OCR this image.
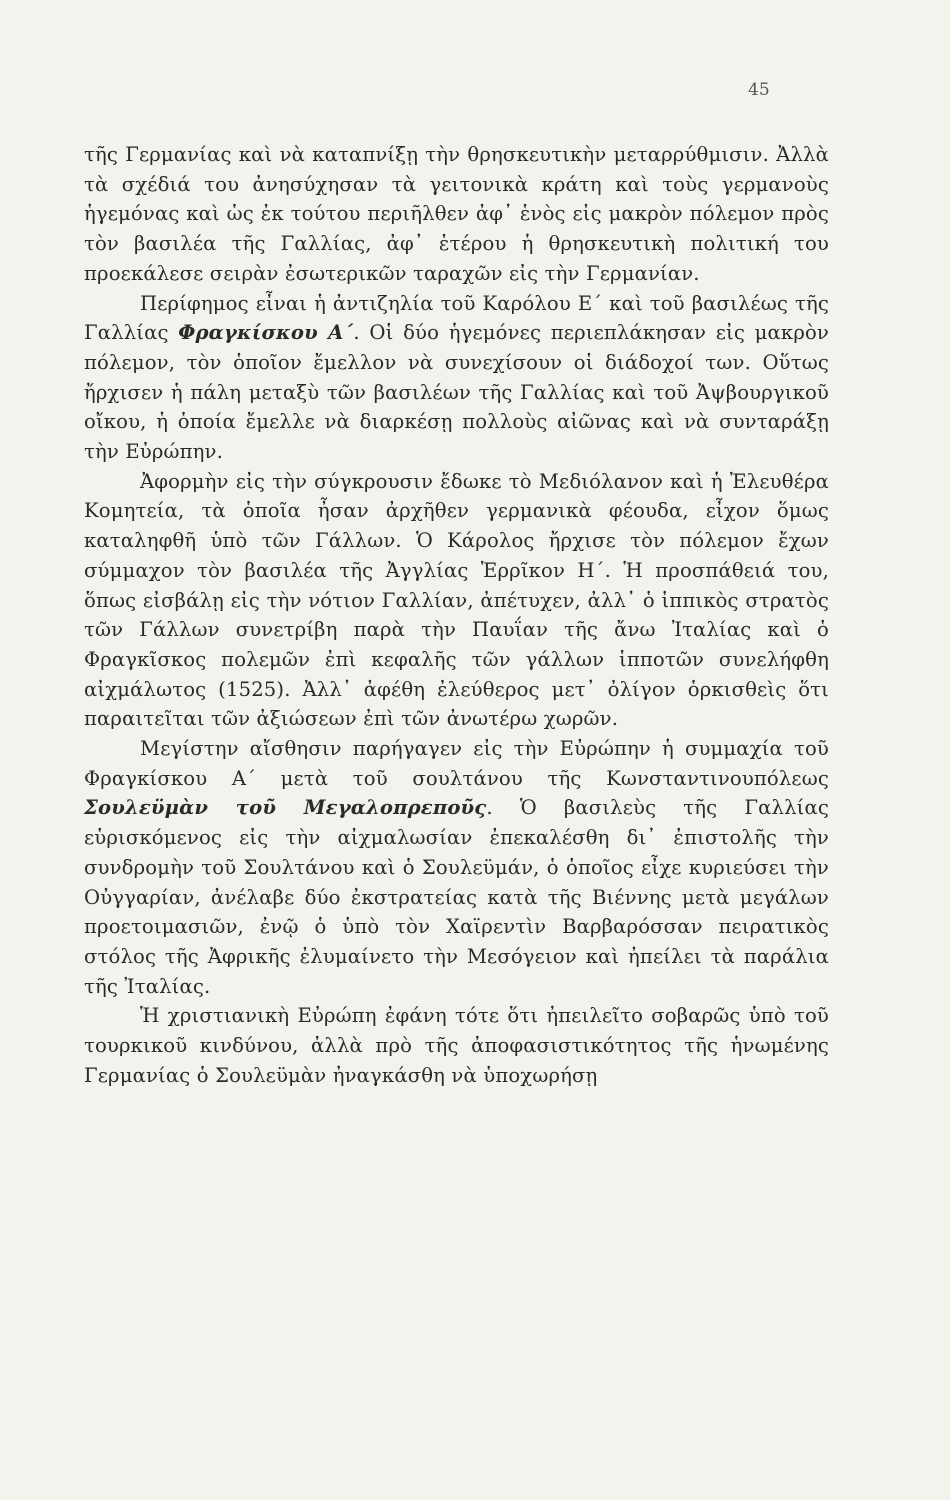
45

τῆς Γερμανίας καὶ νὰ καταπνίξῃ τὴν θρησκευτικὴν μεταρρύθμισιν. Ἀλλὰ τὰ σχέδιά του ἀνησύχησαν τὰ γειτονικὰ κράτη καὶ τοὺς γερμανοὺς ἡγεμόνας καὶ ὡς ἐκ τούτου περιῆλθεν ἀφ᾿ ἑνὸς εἰς μακρὸν πόλεμον πρὸς τὸν βασιλέα τῆς Γαλλίας, ἀφ᾿ ἑτέρου ἡ θρησκευτικὴ πολιτική του προεκάλεσε σειρὰν ἐσωτερικῶν ταραχῶν εἰς τὴν Γερμανίαν.

Περίφημος εἶναι ἡ ἀντιζηλία τοῦ Καρόλου Ε΄ καὶ τοῦ βασιλέως τῆς Γαλλίας Φραγκίσκου Α΄. Οἱ δύο ἡγεμόνες περιεπλάκησαν εἰς μακρὸν πόλεμον, τὸν ὁποῖον ἔμελλον νὰ συνεχίσουν οἱ διάδοχοί των. Οὕτως ἤρχισεν ἡ πάλη μεταξὺ τῶν βασιλέων τῆς Γαλλίας καὶ τοῦ Ἀψβουργικοῦ οἴκου, ἡ ὁποία ἔμελλε νὰ διαρκέσῃ πολλοὺς αἰῶνας καὶ νὰ συνταράξῃ τὴν Εὐρώπην.

Ἀφορμὴν εἰς τὴν σύγκρουσιν ἔδωκε τὸ Μεδιόλανον καὶ ἡ Ἐλευθέρα Κομητεία, τὰ ὁποῖα ἦσαν ἀρχῆθεν γερμανικὰ φέουδα, εἶχον ὅμως καταληφθῆ ὑπὸ τῶν Γάλλων. Ὁ Κάρολος ἤρχισε τὸν πόλεμον ἔχων σύμμαχον τὸν βασιλέα τῆς Ἀγγλίας Ἑρρῖκον Η΄. Ἡ προσπάθειά του, ὅπως εἰσβάλῃ εἰς τὴν νότιον Γαλλίαν, ἀπέτυχεν, ἀλλ᾿ ὁ ἱππικὸς στρατὸς τῶν Γάλλων συνετρίβη παρὰ τὴν Παυΐαν τῆς ἄνω Ἰταλίας καὶ ὁ Φραγκῖσκος πολεμῶν ἐπὶ κεφαλῆς τῶν γάλλων ἱπποτῶν συνελήφθη αἰχμάλωτος (1525). Ἀλλ᾿ ἀφέθη ἐλεύθερος μετ᾿ ὀλίγον ὁρκισθεὶς ὅτι παραιτεῖται τῶν ἀξιώσεων ἐπὶ τῶν ἀνωτέρω χωρῶν.

Μεγίστην αἴσθησιν παρήγαγεν εἰς τὴν Εὐρώπην ἡ συμμαχία τοῦ Φραγκίσκου Α΄ μετὰ τοῦ σουλτάνου τῆς Κωνσταντινουπόλεως Σουλεϋμὰν τοῦ Μεγαλοπρεποῦς. Ὁ βασιλεὺς τῆς Γαλλίας εὑρισκόμενος εἰς τὴν αἰχμαλωσίαν ἐπεκαλέσθη δι᾿ ἐπιστολῆς τὴν συνδρομὴν τοῦ Σουλτάνου καὶ ὁ Σουλεϋμάν, ὁ ὁποῖος εἶχε κυριεύσει τὴν Οὐγγαρίαν, ἀνέλαβε δύο ἐκστρατείας κατὰ τῆς Βιέννης μετὰ μεγάλων προετοιμασιῶν, ἐνῷ ὁ ὑπὸ τὸν Χαϊρεντὶν Βαρβαρόσσαν πειρατικὸς στόλος τῆς Ἀφρικῆς ἐλυμαίνετο τὴν Μεσόγειον καὶ ἠπείλει τὰ παράλια τῆς Ἰταλίας.

Ἡ χριστιανικὴ Εὐρώπη ἐφάνη τότε ὅτι ἠπειλεῖτο σοβαρῶς ὑπὸ τοῦ τουρκικοῦ κινδύνου, ἀλλὰ πρὸ τῆς ἀποφασιστικότητος τῆς ἡνωμένης Γερμανίας ὁ Σουλεϋμὰν ἠναγκάσθη νὰ ὑποχωρήσῃ
